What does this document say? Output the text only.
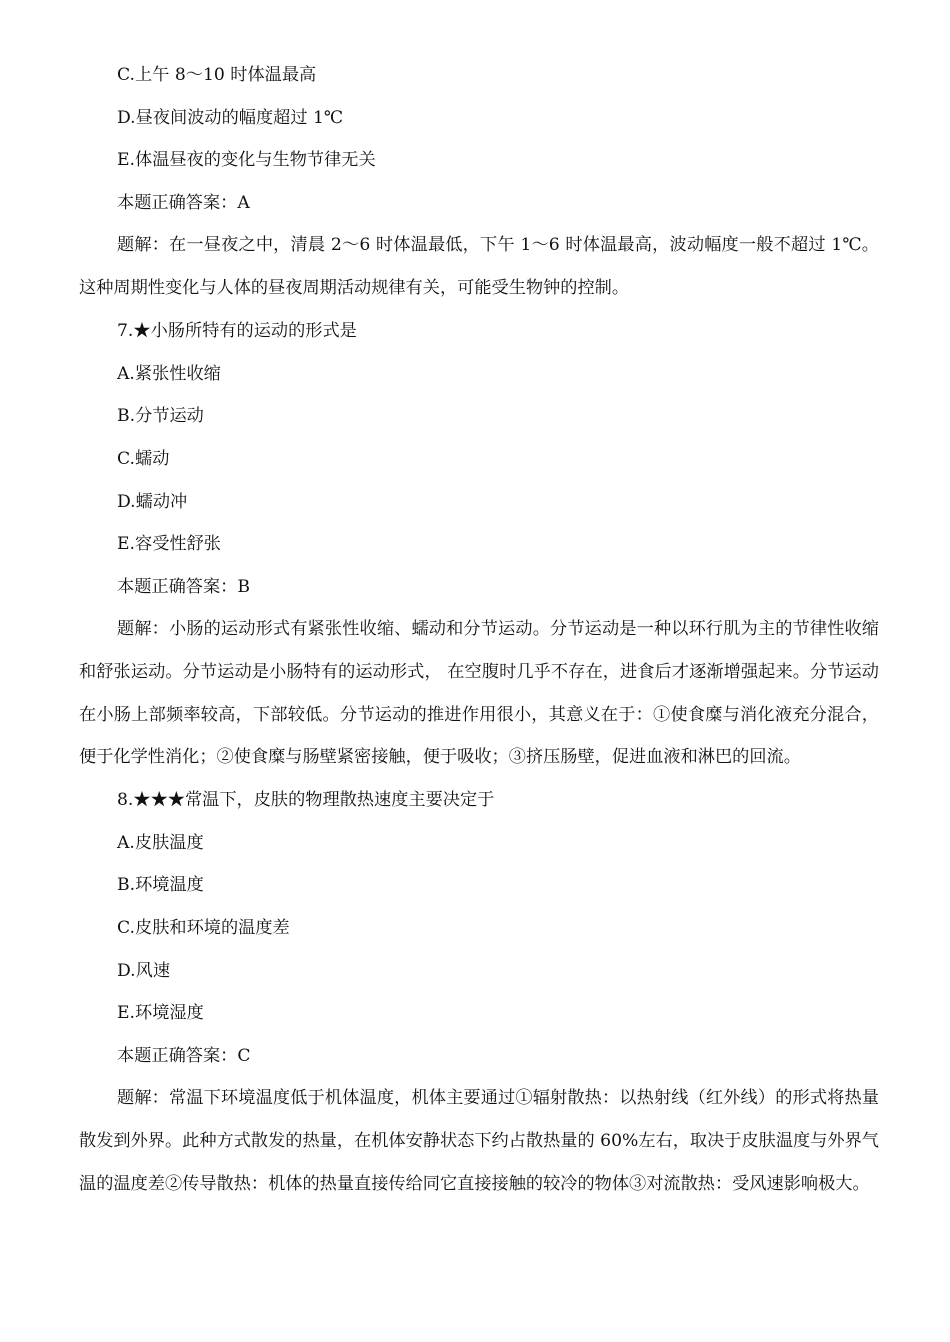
C.上午 8～10 时体温最高
D.昼夜间波动的幅度超过 1℃
E.体温昼夜的变化与生物节律无关
本题正确答案：A
题解：在一昼夜之中，清晨 2～6 时体温最低，下午 1～6 时体温最高，波动幅度一般不超过 1℃。这种周期性变化与人体的昼夜周期活动规律有关，可能受生物钟的控制。
7.★小肠所特有的运动的形式是
A.紧张性收缩
B.分节运动
C.蠕动
D.蠕动冲
E.容受性舒张
本题正确答案：B
题解：小肠的运动形式有紧张性收缩、蠕动和分节运动。分节运动是一种以环行肌为主的节律性收缩和舒张运动。分节运动是小肠特有的运动形式， 在空腹时几乎不存在，进食后才逐渐增强起来。分节运动在小肠上部频率较高，下部较低。分节运动的推进作用很小，其意义在于：①使食糜与消化液充分混合，便于化学性消化；②使食糜与肠壁紧密接触，便于吸收；③挤压肠壁，促进血液和淋巴的回流。
8.★★★常温下，皮肤的物理散热速度主要决定于
A.皮肤温度
B.环境温度
C.皮肤和环境的温度差
D.风速
E.环境湿度
本题正确答案：C
题解：常温下环境温度低于机体温度，机体主要通过①辐射散热：以热射线（红外线）的形式将热量散发到外界。此种方式散发的热量，在机体安静状态下约占散热量的 60%左右，取决于皮肤温度与外界气温的温度差②传导散热：机体的热量直接传给同它直接接触的较冷的物体③对流散热：受风速影响极大。
